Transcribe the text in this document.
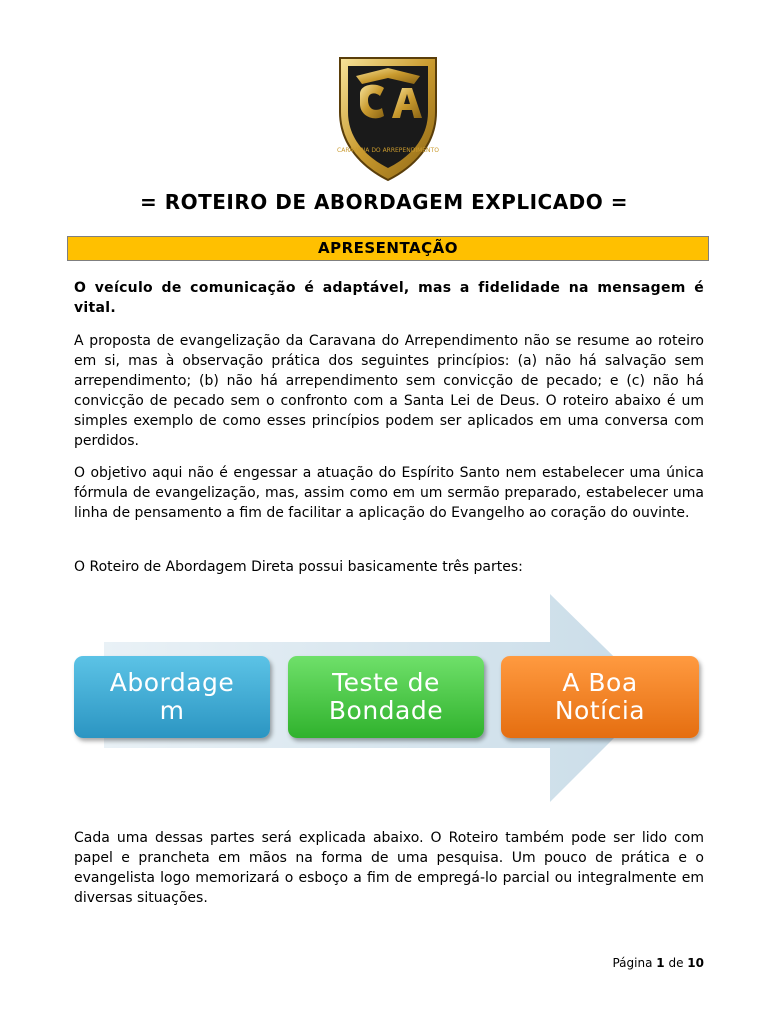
CARAVANA DO ARREPENDIMENTO
= ROTEIRO DE ABORDAGEM EXPLICADO =
APRESENTAÇÃO

O veículo de comunicação é adaptável, mas a fidelidade na mensagem é vital.

A proposta de evangelização da Caravana do Arrependimento não se resume ao roteiro em si, mas à observação prática dos seguintes princípios: (a) não há salvação sem arrependimento; (b) não há arrependimento sem convicção de pecado; e (c) não há convicção de pecado sem o confronto com a Santa Lei de Deus. O roteiro abaixo é um simples exemplo de como esses princípios podem ser aplicados em uma conversa com perdidos.

O objetivo aqui não é engessar a atuação do Espírito Santo nem estabelecer uma única fórmula de evangelização, mas, assim como em um sermão preparado, estabelecer uma linha de pensamento a fim de facilitar a aplicação do Evangelho ao coração do ouvinte.

O Roteiro de Abordagem Direta possui basicamente três partes:

Abordage
m
Teste de
Bondade
A Boa
Notícia

Cada uma dessas partes será explicada abaixo. O Roteiro também pode ser lido com papel e prancheta em mãos na forma de uma pesquisa. Um pouco de prática e o evangelista logo memorizará o esboço a fim de empregá-lo parcial ou integralmente em diversas situações.

Página 1 de 10
